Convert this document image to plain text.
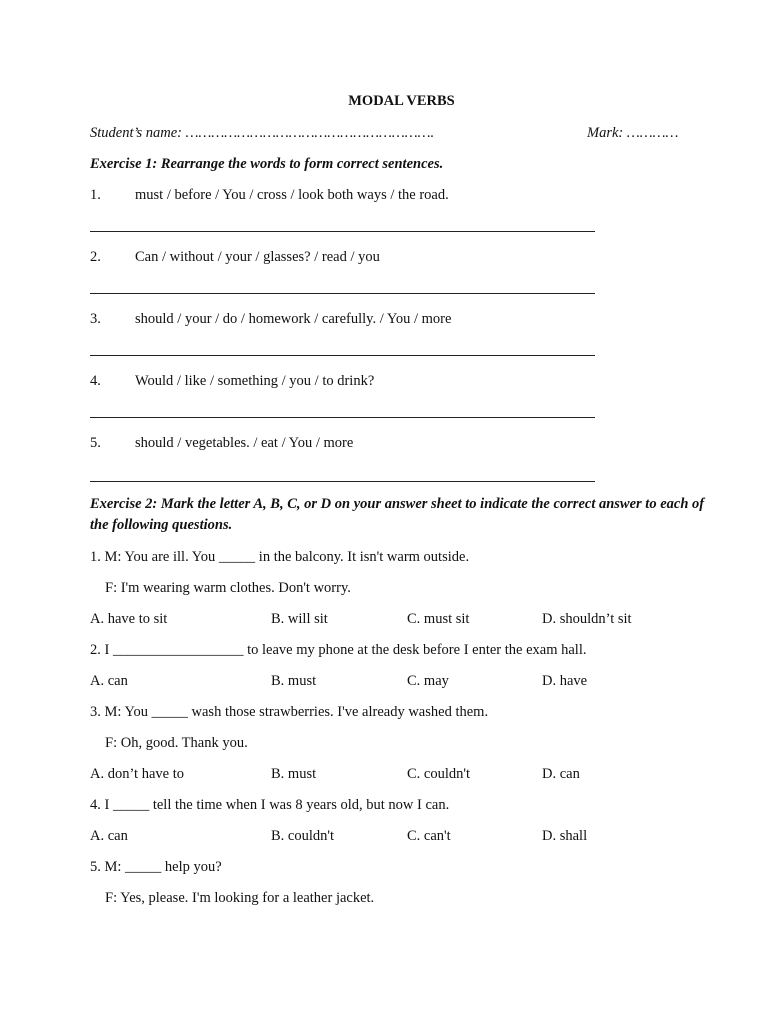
MODAL VERBS
Student’s name: ………………………………………………….	Mark: …………
Exercise 1: Rearrange the words to form correct sentences.
1. must / before / You / cross / look both ways / the road.
2. Can / without / your / glasses? / read / you
3. should / your / do / homework / carefully. / You / more
4. Would / like / something / you / to drink?
5. should / vegetables. / eat / You / more
Exercise 2: Mark the letter A, B, C, or D on your answer sheet to indicate the correct answer to each of the following questions.
1. M: You are ill. You _____ in the balcony. It isn't warm outside.
F: I'm wearing warm clothes. Don't worry.
A. have to sit	B. will sit	C. must sit	D. shouldn’t sit
2. I __________________ to leave my phone at the desk before I enter the exam hall.
A. can	B. must	C. may	D. have
3. M: You _____ wash those strawberries. I've already washed them.
F: Oh, good. Thank you.
A. don’t have to	B. must	C. couldn't	D. can
4. I _____ tell the time when I was 8 years old, but now I can.
A. can	B. couldn't	C. can't	D. shall
5. M: _____ help you?
F: Yes, please. I'm looking for a leather jacket.
